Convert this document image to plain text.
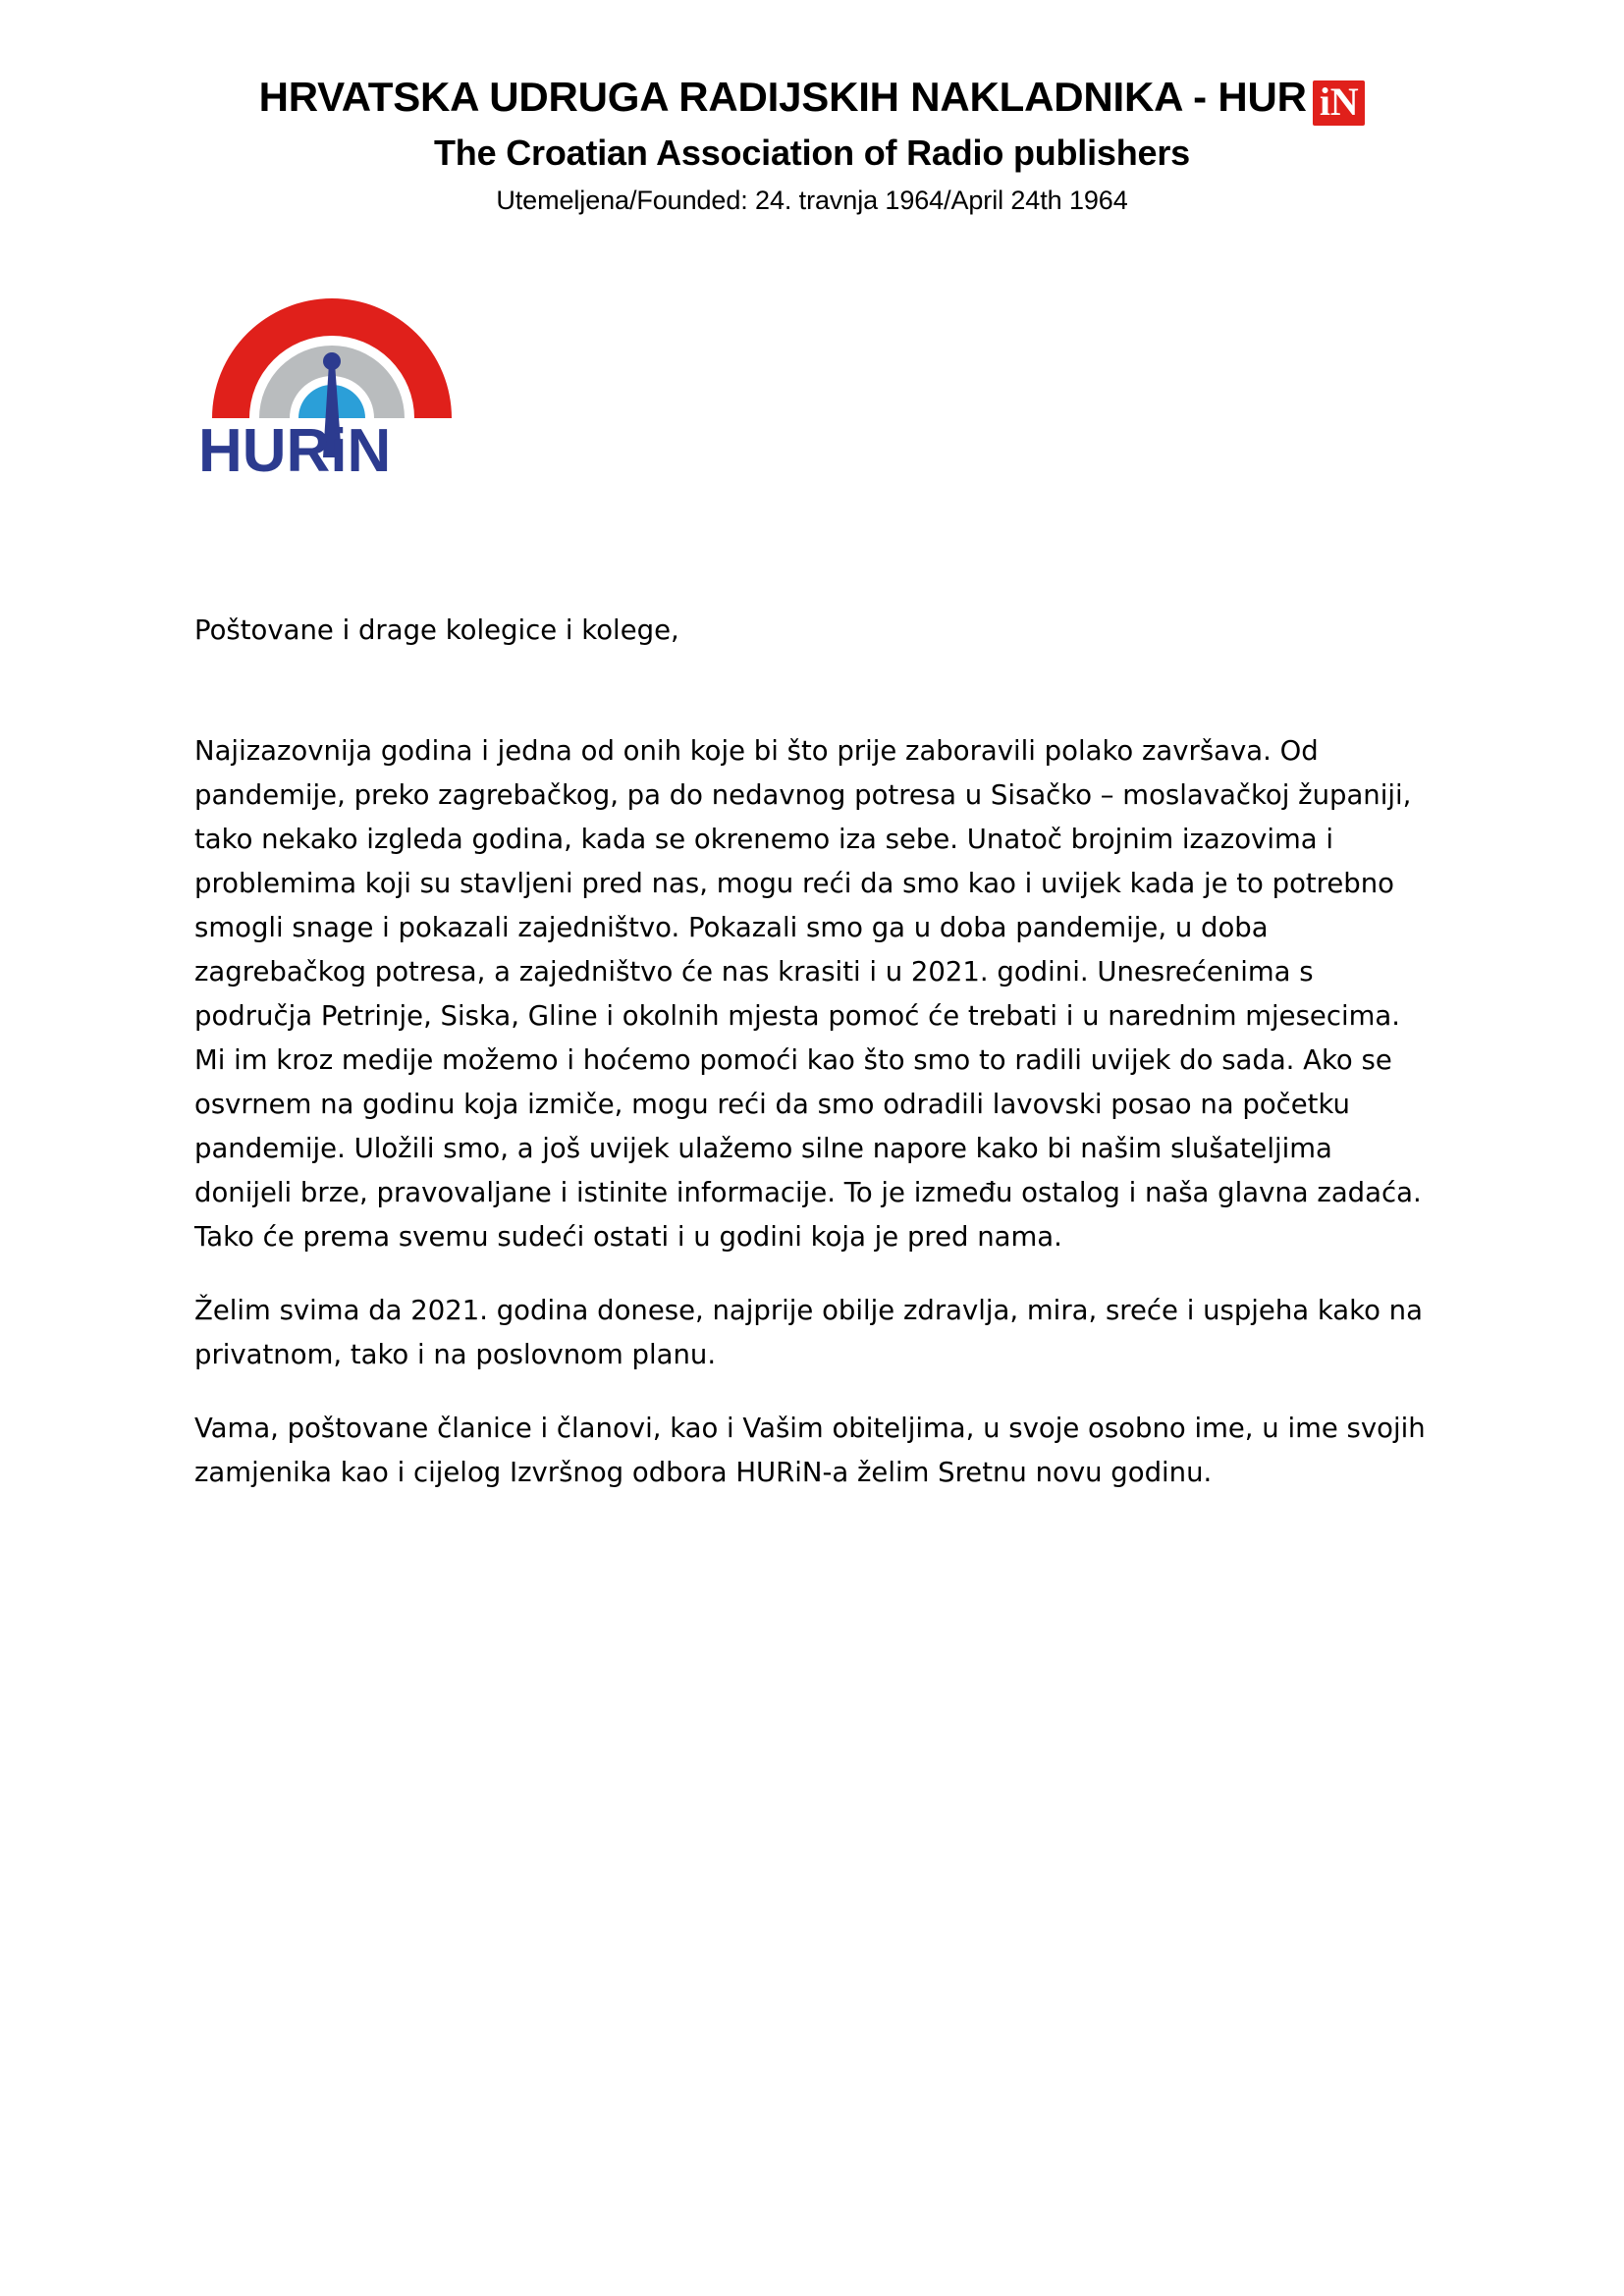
HRVATSKA UDRUGA RADIJSKIH NAKLADNIKA - HUR iN
The Croatian Association of Radio publishers
Utemeljena/Founded: 24. travnja 1964/April 24th 1964
HURiN

Poštovane i drage kolegice i kolege,

Najizazovnija godina i jedna od onih koje bi što prije zaboravili polako završava. Od pandemije, preko zagrebačkog, pa do nedavnog potresa u Sisačko – moslavačkoj županiji, tako nekako izgleda godina, kada se okrenemo iza sebe. Unatoč brojnim izazovima i problemima koji su stavljeni pred nas, mogu reći da smo kao i uvijek kada je to potrebno smogli snage i pokazali zajedništvo. Pokazali smo ga u doba pandemije, u doba zagrebačkog potresa, a zajedništvo će nas krasiti i u 2021. godini. Unesrećenima s područja Petrinje, Siska, Gline i okolnih mjesta pomoć će trebati i u narednim mjesecima. Mi im kroz medije možemo i hoćemo pomoći kao što smo to radili uvijek do sada. Ako se osvrnem na godinu koja izmiče, mogu reći da smo odradili lavovski posao na početku pandemije. Uložili smo, a još uvijek ulažemo silne napore kako bi našim slušateljima donijeli brze, pravovaljane i istinite informacije. To je između ostalog i naša glavna zadaća. Tako će prema svemu sudeći ostati i u godini koja je pred nama.

Želim svima da 2021. godina donese, najprije obilje zdravlja, mira, sreće i uspjeha kako na privatnom, tako i na poslovnom planu.

Vama, poštovane članice i članovi, kao i Vašim obiteljima, u svoje osobno ime, u ime svojih zamjenika kao i cijelog Izvršnog odbora HURiN-a želim Sretnu novu godinu.
